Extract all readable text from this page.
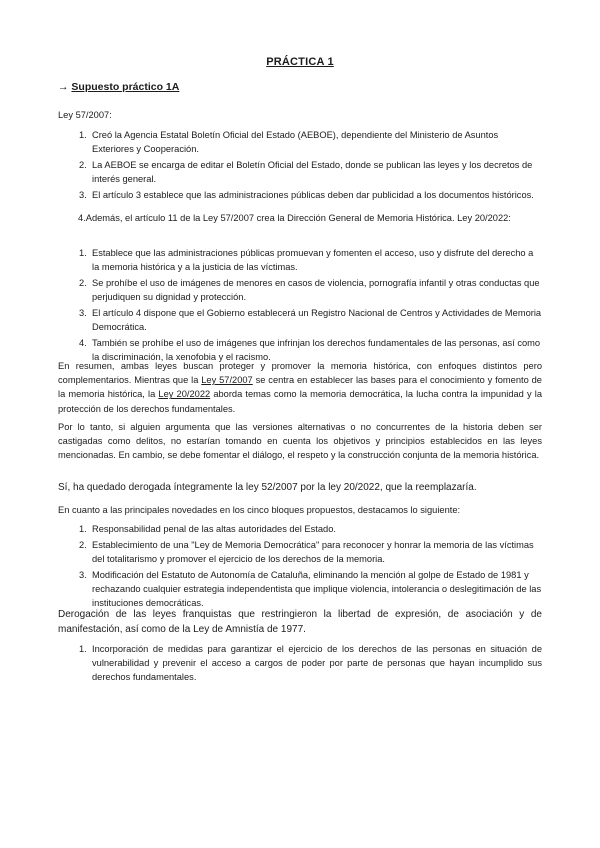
PRÁCTICA 1
→ Supuesto práctico 1A
Ley 57/2007:
1. Creó la Agencia Estatal Boletín Oficial del Estado (AEBOE), dependiente del Ministerio de Asuntos Exteriores y Cooperación.
2. La AEBOE se encarga de editar el Boletín Oficial del Estado, donde se publican las leyes y los decretos de interés general.
3. El artículo 3 establece que las administraciones públicas deben dar publicidad a los documentos históricos.
4.Además, el artículo 11 de la Ley 57/2007 crea la Dirección General de Memoria Histórica. Ley 20/2022:
1. Establece que las administraciones públicas promuevan y fomenten el acceso, uso y disfrute del derecho a la memoria histórica y a la justicia de las víctimas.
2. Se prohíbe el uso de imágenes de menores en casos de violencia, pornografía infantil y otras conductas que perjudiquen su dignidad y protección.
3. El artículo 4 dispone que el Gobierno establecerá un Registro Nacional de Centros y Actividades de Memoria Democrática.
4. También se prohíbe el uso de imágenes que infrinjan los derechos fundamentales de las personas, así como la discriminación, la xenofobia y el racismo.
En resumen, ambas leyes buscan proteger y promover la memoria histórica, con enfoques distintos pero complementarios. Mientras que la Ley 57/2007 se centra en establecer las bases para el conocimiento y fomento de la memoria histórica, la Ley 20/2022 aborda temas como la memoria democrática, la lucha contra la impunidad y la protección de los derechos fundamentales.
Por lo tanto, si alguien argumenta que las versiones alternativas o no concurrentes de la historia deben ser castigadas como delitos, no estarían tomando en cuenta los objetivos y principios establecidos en las leyes mencionadas. En cambio, se debe fomentar el diálogo, el respeto y la construcción conjunta de la memoria histórica.
Sí, ha quedado derogada íntegramente la ley 52/2007 por la ley 20/2022, que la reemplazaría.
En cuanto a las principales novedades en los cinco bloques propuestos, destacamos lo siguiente:
1. Responsabilidad penal de las altas autoridades del Estado.
2. Establecimiento de una "Ley de Memoria Democrática" para reconocer y honrar la memoria de las víctimas del totalitarismo y promover el ejercicio de los derechos de la memoria.
3. Modificación del Estatuto de Autonomía de Cataluña, eliminando la mención al golpe de Estado de 1981 y rechazando cualquier estrategia independentista que implique violencia, intolerancia o deslegitimación de las instituciones democráticas.
Derogación de las leyes franquistas que restringieron la libertad de expresión, de asociación y de manifestación, así como de la Ley de Amnistía de 1977.
1. Incorporación de medidas para garantizar el ejercicio de los derechos de las personas en situación de vulnerabilidad y prevenir el acceso a cargos de poder por parte de personas que hayan incumplido sus derechos fundamentales.
